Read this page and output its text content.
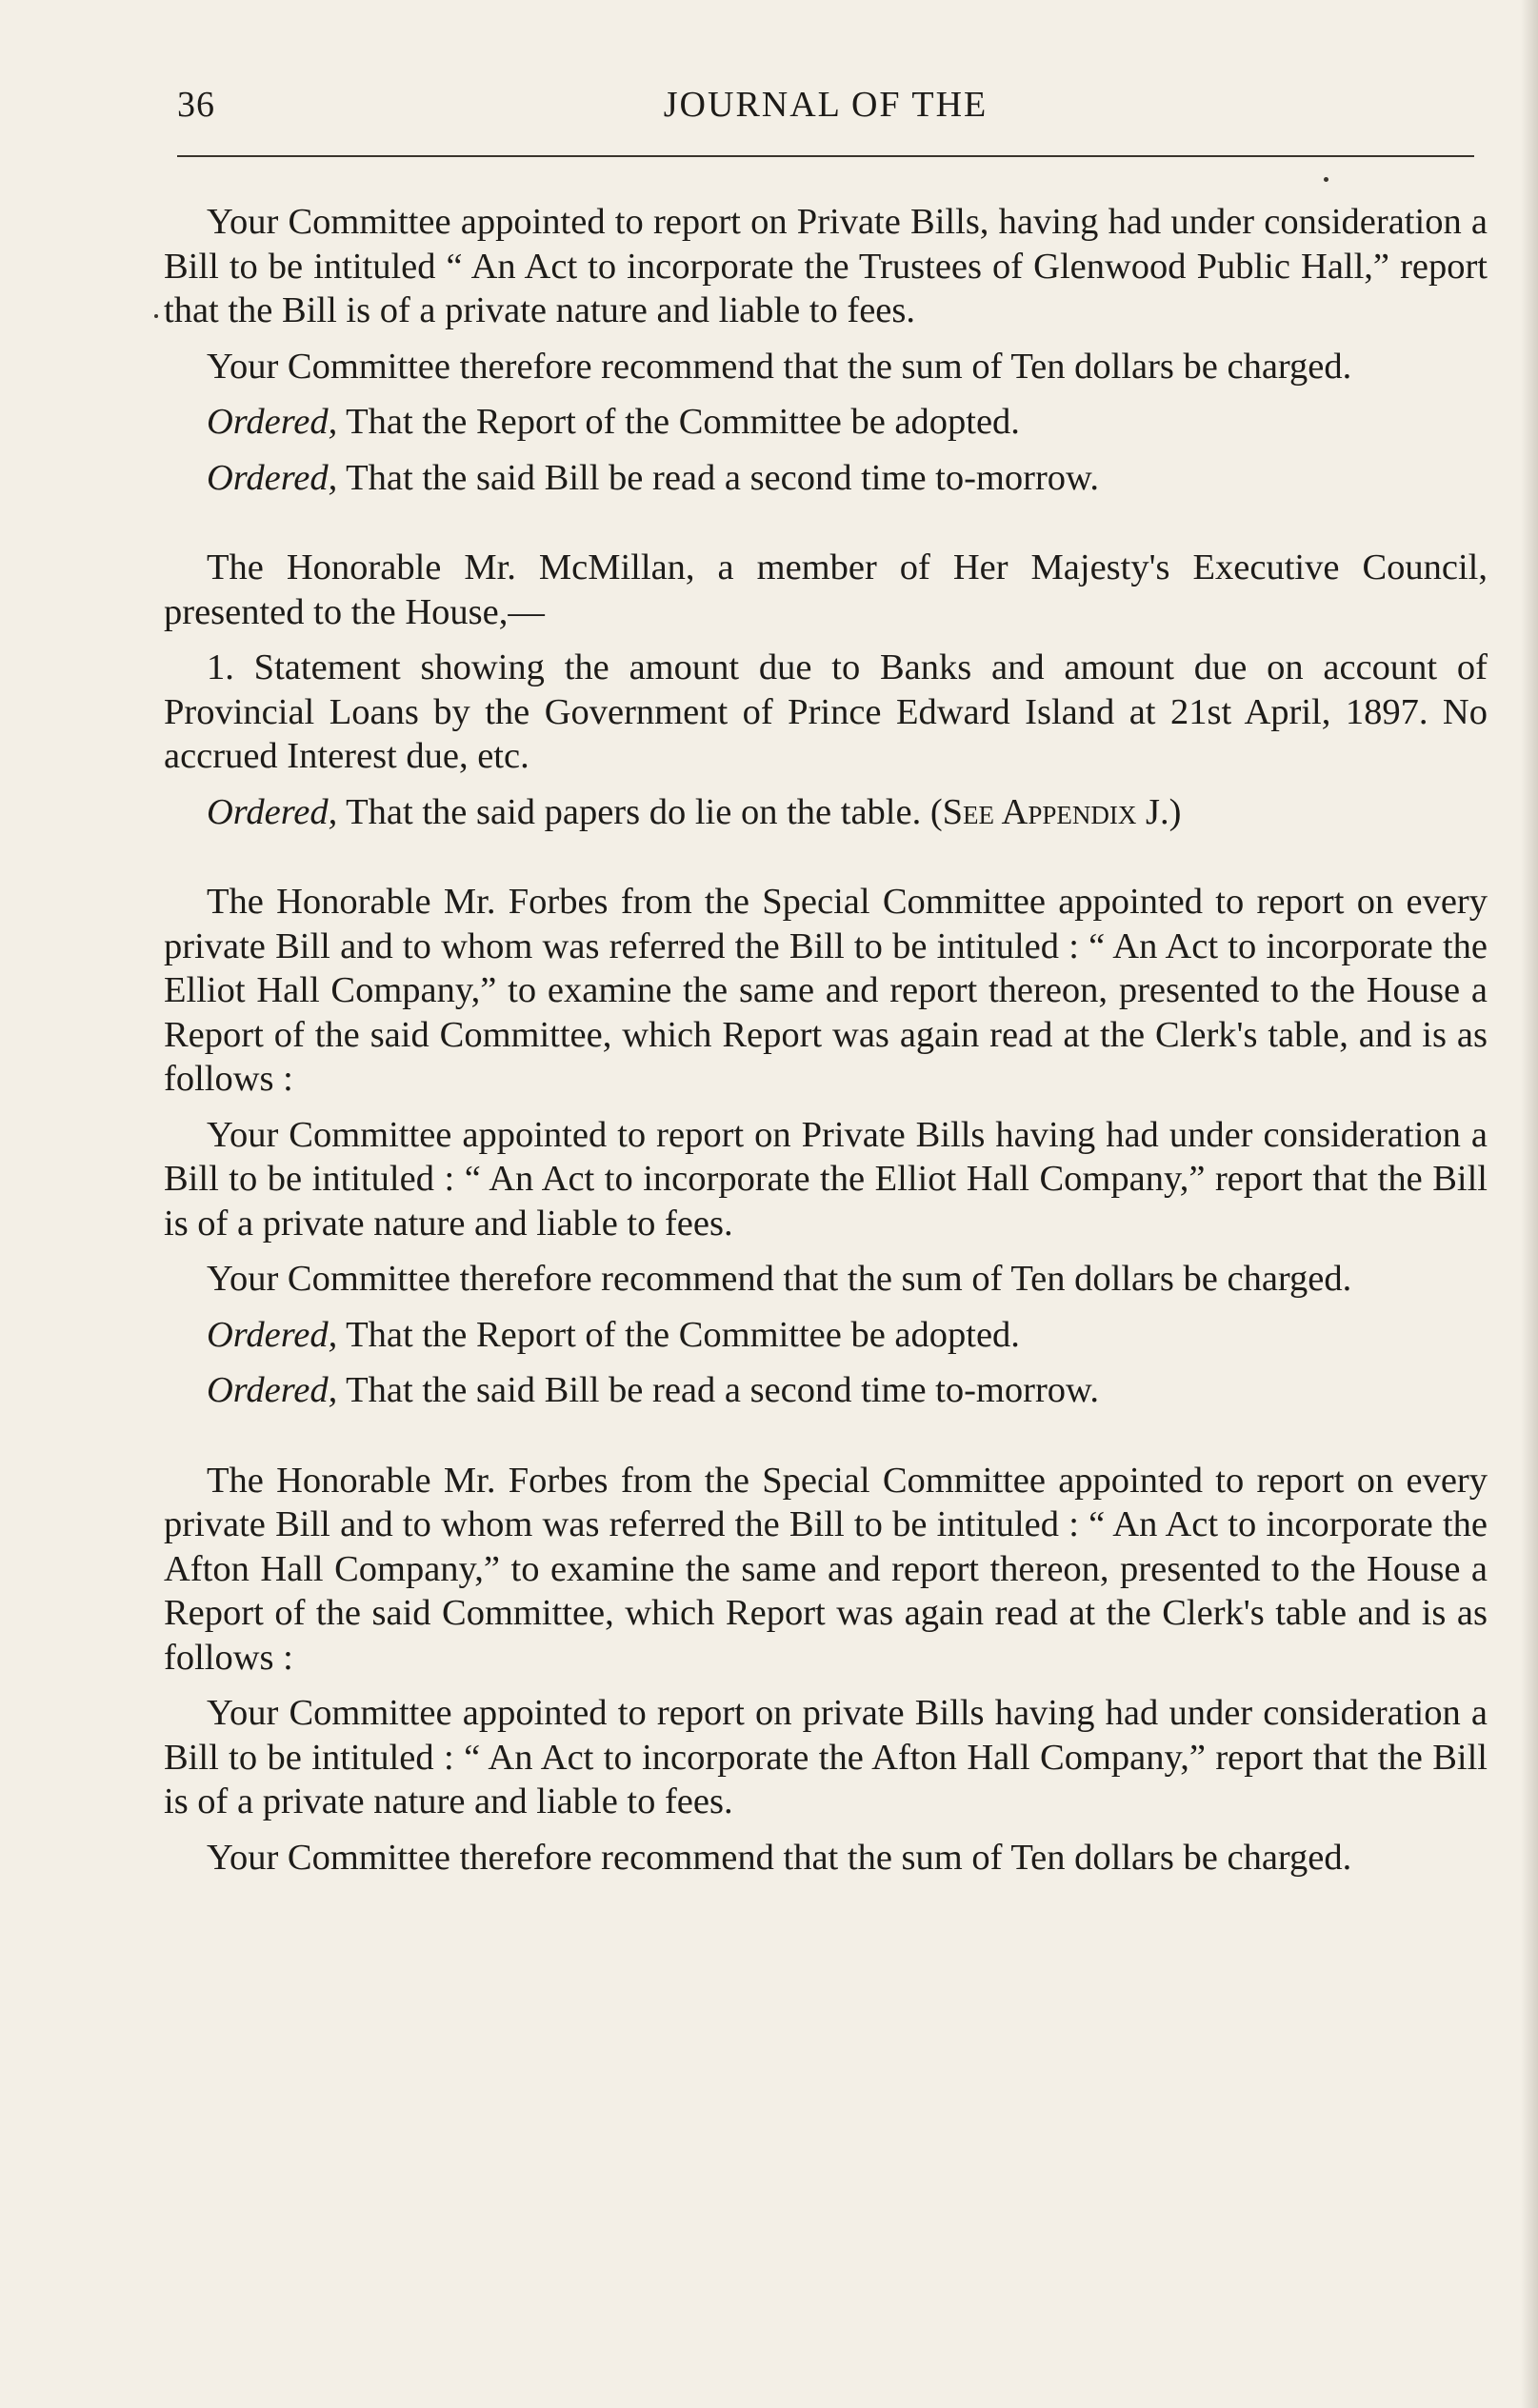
36	JOURNAL OF THE

Your Committee appointed to report on Private Bills, having had under consideration a Bill to be intituled “ An Act to incorporate the Trustees of Glenwood Public Hall,” report that the Bill is of a private nature and liable to fees.

Your Committee therefore recommend that the sum of Ten dollars be charged.

Ordered, That the Report of the Committee be adopted.

Ordered, That the said Bill be read a second time to-morrow.

The Honorable Mr. McMillan, a member of Her Majesty's Executive Council, presented to the House,—

1. Statement showing the amount due to Banks and amount due on account of Provincial Loans by the Government of Prince Edward Island at 21st April, 1897. No accrued Interest due, etc.

Ordered, That the said papers do lie on the table. (See Appendix J.)

The Honorable Mr. Forbes from the Special Committee appointed to report on every private Bill and to whom was referred the Bill to be intituled : “ An Act to incorporate the Elliot Hall Company,” to examine the same and report thereon, presented to the House a Report of the said Committee, which Report was again read at the Clerk's table, and is as follows :

Your Committee appointed to report on Private Bills having had under consideration a Bill to be intituled : “ An Act to incorporate the Elliot Hall Company,” report that the Bill is of a private nature and liable to fees.

Your Committee therefore recommend that the sum of Ten dollars be charged.

Ordered, That the Report of the Committee be adopted.

Ordered, That the said Bill be read a second time to-morrow.

The Honorable Mr. Forbes from the Special Committee appointed to report on every private Bill and to whom was referred the Bill to be intituled : “ An Act to incorporate the Afton Hall Company,” to examine the same and report thereon, presented to the House a Report of the said Committee, which Report was again read at the Clerk's table and is as follows :

Your Committee appointed to report on private Bills having had under consideration a Bill to be intituled : “ An Act to incorporate the Afton Hall Company,” report that the Bill is of a private nature and liable to fees.

Your Committee therefore recommend that the sum of Ten dollars be charged.
